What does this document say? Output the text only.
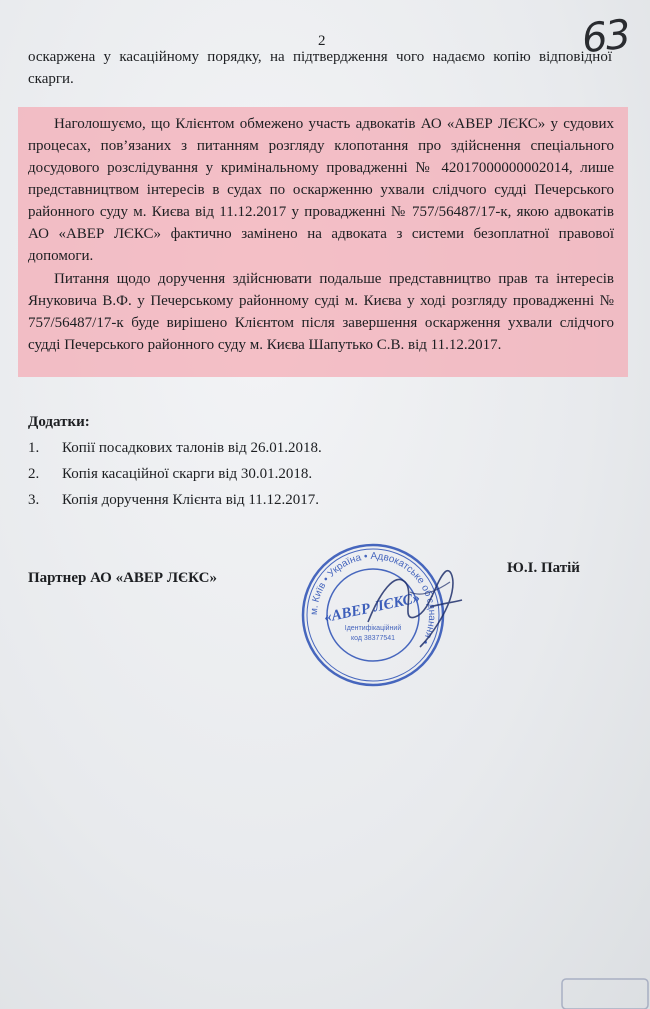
2	63
оскаржена у касаційному порядку, на підтвердження чого надаємо копію відповідної скарги.
Наголошуємо, що Клієнтом обмежено участь адвокатів АО «АВЕР ЛЄКС» у судових процесах, пов’язаних з питанням розгляду клопотання про здійснення спеціального досудового розслідування у кримінальному провадженні № 42017000000002014, лише представництвом інтересів в судах по оскарженню ухвали слідчого судді Печерського районного суду м. Києва від 11.12.2017 у провадженні № 757/56487/17-к, якою адвокатів АО «АВЕР ЛЄКС» фактично замінено на адвоката з системи безоплатної правової допомоги.
Питання щодо доручення здійснювати подальше представництво прав та інтересів Януковича В.Ф. у Печерському районному суді м. Києва у ході розгляду провадженні № 757/56487/17-к буде вирішено Клієнтом після завершення оскарження ухвали слідчого судді Печерського районного суду м. Києва Шапутько С.В. від 11.12.2017.
Додатки:
1.	Копії посадкових талонів від 26.01.2018.
2.	Копія касаційної скарги від 30.01.2018.
3.	Копія доручення Клієнта від 11.12.2017.
Партнер АО «АВЕР ЛЄКС»
Ю.І. Патій
м. Київ • Україна • Адвокатське об'єднання •
«АВЕР ЛЄКС»
Ідентифікаційний
код 38377541
